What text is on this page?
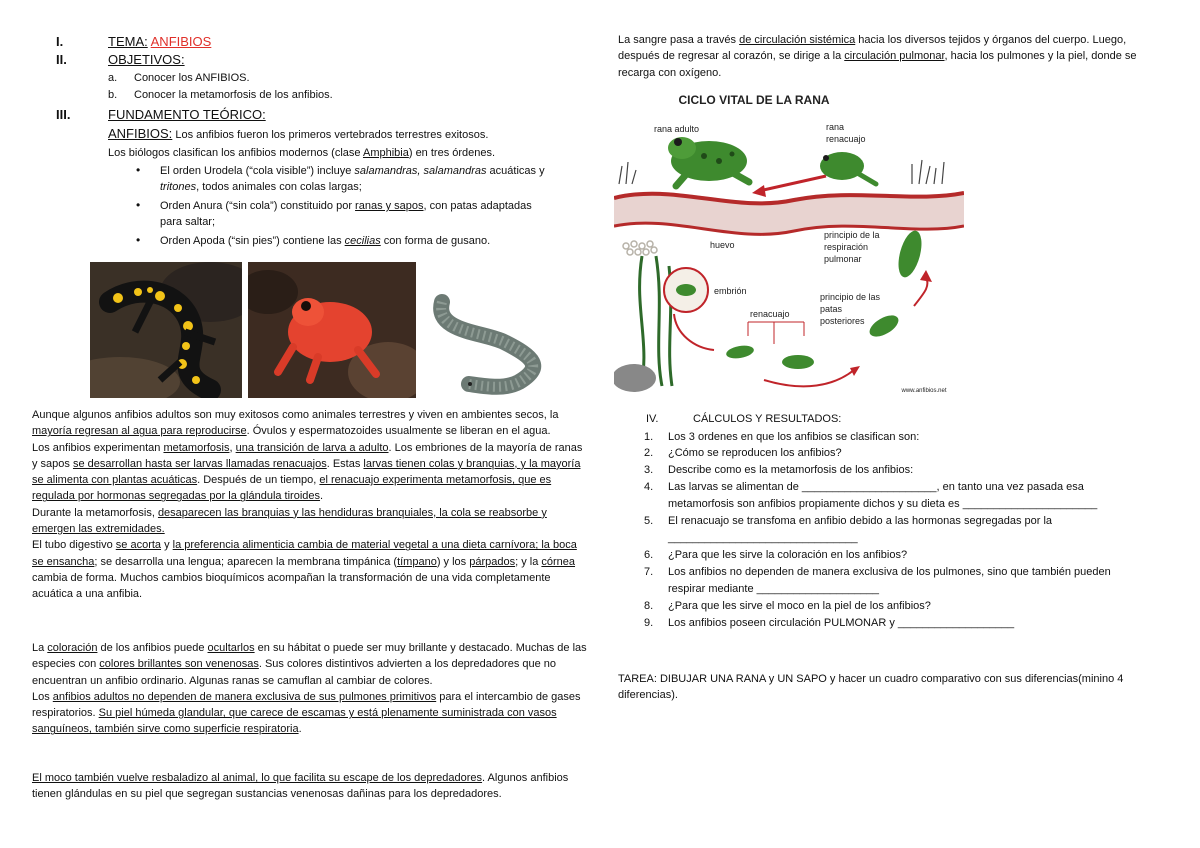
I.	TEMA: ANFIBIOS
II.	OBJETIVOS:
a. Conocer los ANFIBIOS.
b. Conocer la metamorfosis de los anfibios.
III.	FUNDAMENTO TEÓRICO:
ANFIBIOS: Los anfibios fueron los primeros vertebrados terrestres exitosos.
Los biólogos clasifican los anfibios modernos (clase Amphibia) en tres órdenes.
• El orden Urodela (“cola visible”) incluye salamandras, salamandras acuáticas y
tritones, todos animales con colas largas;
• Orden Anura (“sin cola”) constituido por ranas y sapos, con patas adaptadas
para saltar;
• Orden Apoda (“sin pies”) contiene las cecilias con forma de gusano.

Aunque algunos anfibios adultos son muy exitosos como animales terrestres y viven en ambientes secos, la mayoría regresan al agua para reproducirse. Óvulos y espermatozoides usualmente se liberan en el agua.
Los anfibios experimentan metamorfosis, una transición de larva a adulto. Los embriones de la mayoría de ranas y sapos se desarrollan hasta ser larvas llamadas renacuajos. Estas larvas tienen colas y branquias, y la mayoría se alimenta con plantas acuáticas. Después de un tiempo, el renacuajo experimenta metamorfosis, que es regulada por hormonas segregadas por la glándula tiroides.
Durante la metamorfosis, desaparecen las branquias y las hendiduras branquiales, la cola se reabsorbe y emergen las extremidades.
El tubo digestivo se acorta y la preferencia alimenticia cambia de material vegetal a una dieta carnívora; la boca se ensancha; se desarrolla una lengua; aparecen la membrana timpánica (tímpano) y los párpados; y la córnea cambia de forma. Muchos cambios bioquímicos acompañan la transformación de una vida completamente acuática a una anfibia.

La coloración de los anfibios puede ocultarlos en su hábitat o puede ser muy brillante y destacado. Muchas de las especies con colores brillantes son venenosas. Sus colores distintivos advierten a los depredadores que no encuentran un anfibio ordinario. Algunas ranas se camuflan al cambiar de colores.
Los anfibios adultos no dependen de manera exclusiva de sus pulmones primitivos para el intercambio de gases respiratorios. Su piel húmeda glandular, que carece de escamas y está plenamente suministrada con vasos sanguíneos, también sirve como superficie respiratoria.

El moco también vuelve resbaladizo al animal, lo que facilita su escape de los depredadores. Algunos anfibios tienen glándulas en su piel que segregan sustancias venenosas dañinas para los depredadores.

La sangre pasa a través de circulación sistémica hacia los diversos tejidos y órganos del cuerpo. Luego, después de regresar al corazón, se dirige a la circulación pulmonar, hacia los pulmones y la piel, donde se recarga con oxígeno.

CICLO VITAL DE LA RANA
rana adulto	rana
renacuajo
principio de la
respiración
pulmonar
huevo
embrión
renacuajo
principio de las
patas
posteriores
www.anfibios.net
IV.	CÁLCULOS Y RESULTADOS:
1. Los 3 ordenes en que los anfibios se clasifican son:
2. ¿Cómo se reproducen los anfibios?
3. Describe como es la metamorfosis de los anfibios:
4. Las larvas se alimentan de ______________________, en tanto una vez pasada esa
metamorfosis son anfibios propiamente dichos y su dieta es ______________________
5. El renacuajo se transfoma en anfibio debido a las hormonas segregadas por la
_______________________________
6. ¿Para que les sirve la coloración en los anfibios?
7. Los anfibios no dependen de manera exclusiva de los pulmones, sino que también pueden
respirar mediante ____________________
8. ¿Para que les sirve el moco en la piel de los anfibios?
9. Los anfibios poseen circulación PULMONAR y ___________________
TAREA: DIBUJAR UNA RANA y UN SAPO y hacer un cuadro comparativo con sus diferencias(minino 4 diferencias).
